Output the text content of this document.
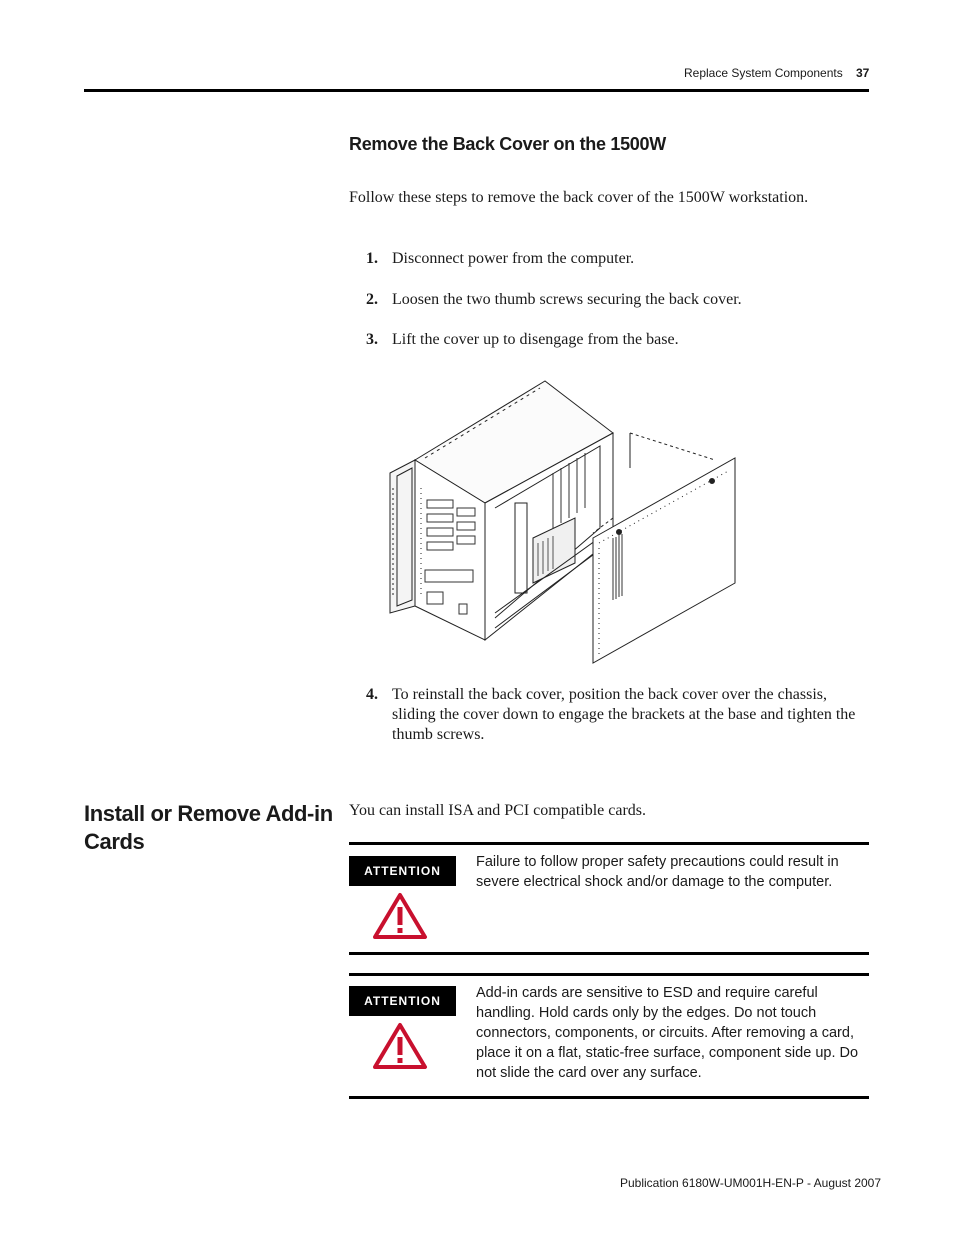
Replace System Components 37
Remove the Back Cover on the 1500W
Follow these steps to remove the back cover of the 1500W workstation.
1. Disconnect power from the computer.
2. Loosen the two thumb screws securing the back cover.
3. Lift the cover up to disengage from the base.
4. To reinstall the back cover, position the back cover over the chassis, sliding the cover down to engage the brackets at the base and tighten the thumb screws.
Install or Remove Add-in Cards
You can install ISA and PCI compatible cards.
ATTENTION
Failure to follow proper safety precautions could result in severe electrical shock and/or damage to the computer.
ATTENTION	Add-in cards are sensitive to ESD and require careful handling. Hold cards only by the edges. Do not touch connectors, components, or circuits. After removing a card, place it on a flat, static-free surface, component side up. Do not slide the card over any surface.
Publication 6180W-UM001H-EN-P - August 2007
